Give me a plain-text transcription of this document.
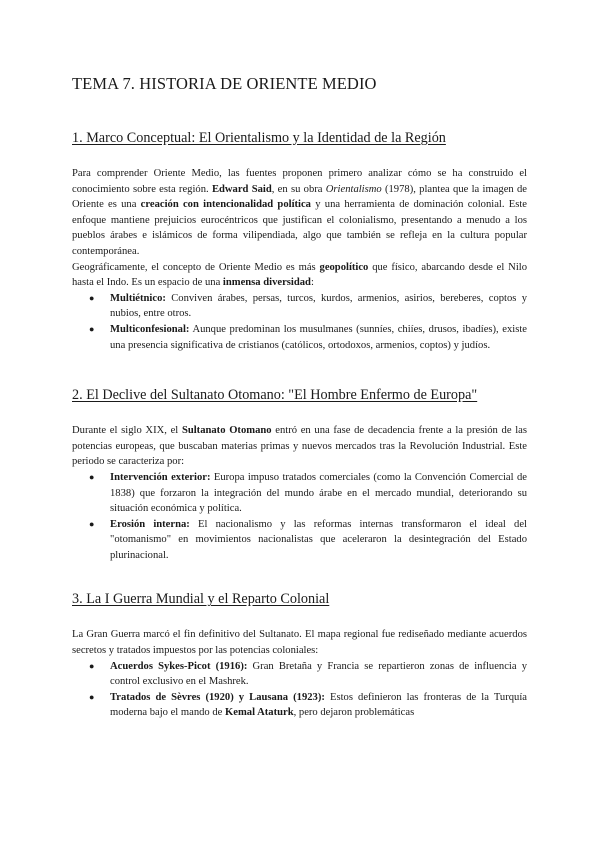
TEMA 7. HISTORIA DE ORIENTE MEDIO
1. Marco Conceptual: El Orientalismo y la Identidad de la Región

Para comprender Oriente Medio, las fuentes proponen primero analizar cómo se ha construido el conocimiento sobre esta región. Edward Said, en su obra Orientalismo (1978), plantea que la imagen de Oriente es una creación con intencionalidad política y una herramienta de dominación colonial. Este enfoque mantiene prejuicios eurocéntricos que justifican el colonialismo, presentando a menudo a los pueblos árabes e islámicos de forma vilipendiada, algo que también se refleja en la cultura popular contemporánea.

Geográficamente, el concepto de Oriente Medio es más geopolítico que físico, abarcando desde el Nilo hasta el Indo. Es un espacio de una inmensa diversidad:

● Multiétnico: Conviven árabes, persas, turcos, kurdos, armenios, asirios, bereberes, coptos y nubios, entre otros.
● Multiconfesional: Aunque predominan los musulmanes (sunníes, chiíes, drusos, ibadíes), existe una presencia significativa de cristianos (católicos, ortodoxos, armenios, coptos) y judíos.
2. El Declive del Sultanato Otomano: "El Hombre Enfermo de Europa"

Durante el siglo XIX, el Sultanato Otomano entró en una fase de decadencia frente a la presión de las potencias europeas, que buscaban materias primas y nuevos mercados tras la Revolución Industrial. Este periodo se caracteriza por:

● Intervención exterior: Europa impuso tratados comerciales (como la Convención Comercial de 1838) que forzaron la integración del mundo árabe en el mercado mundial, deteriorando su situación económica y política.
● Erosión interna: El nacionalismo y las reformas internas transformaron el ideal del "otomanismo" en movimientos nacionalistas que aceleraron la desintegración del Estado plurinacional.
3. La I Guerra Mundial y el Reparto Colonial

La Gran Guerra marcó el fin definitivo del Sultanato. El mapa regional fue rediseñado mediante acuerdos secretos y tratados impuestos por las potencias coloniales:

● Acuerdos Sykes-Picot (1916): Gran Bretaña y Francia se repartieron zonas de influencia y control exclusivo en el Mashrek.
● Tratados de Sèvres (1920) y Lausana (1923): Estos definieron las fronteras de la Turquía moderna bajo el mando de Kemal Ataturk, pero dejaron problemáticas
